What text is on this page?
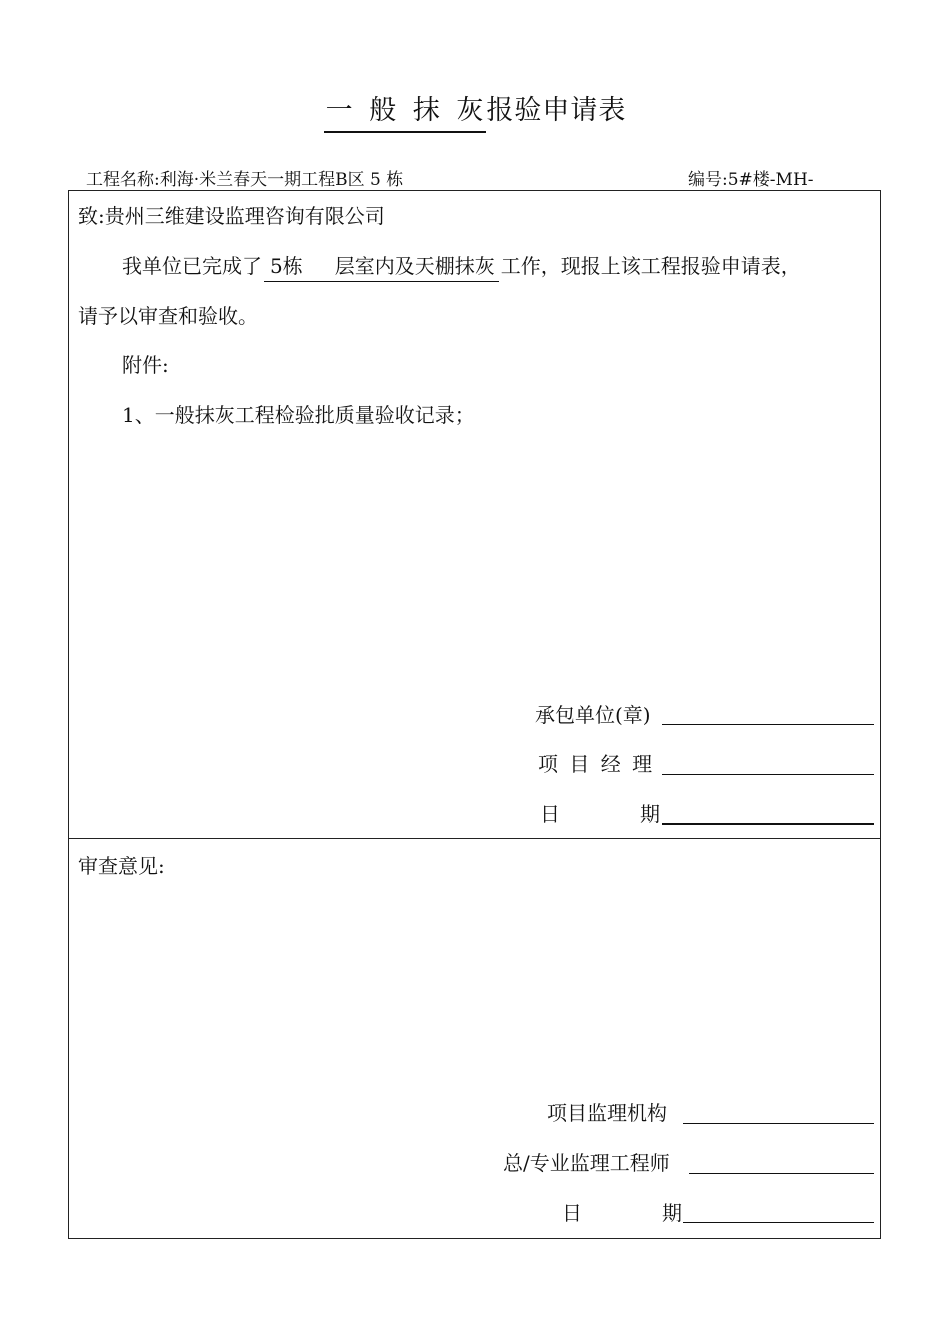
一 般 抹 灰报验申请表
工程名称:利海·米兰春天一期工程B区 5 栋	编号:5#楼-MH-
致:贵州三维建设监理咨询有限公司
我单位已完成了 5栋 层室内及天棚抹灰 工作，现报上该工程报验申请表，
请予以审查和验收。
附件:
1、一般抹灰工程检验批质量验收记录；
承包单位(章)
项 目 经 理
日	期
审查意见:
项目监理机构
总/专业监理工程师
日	期
